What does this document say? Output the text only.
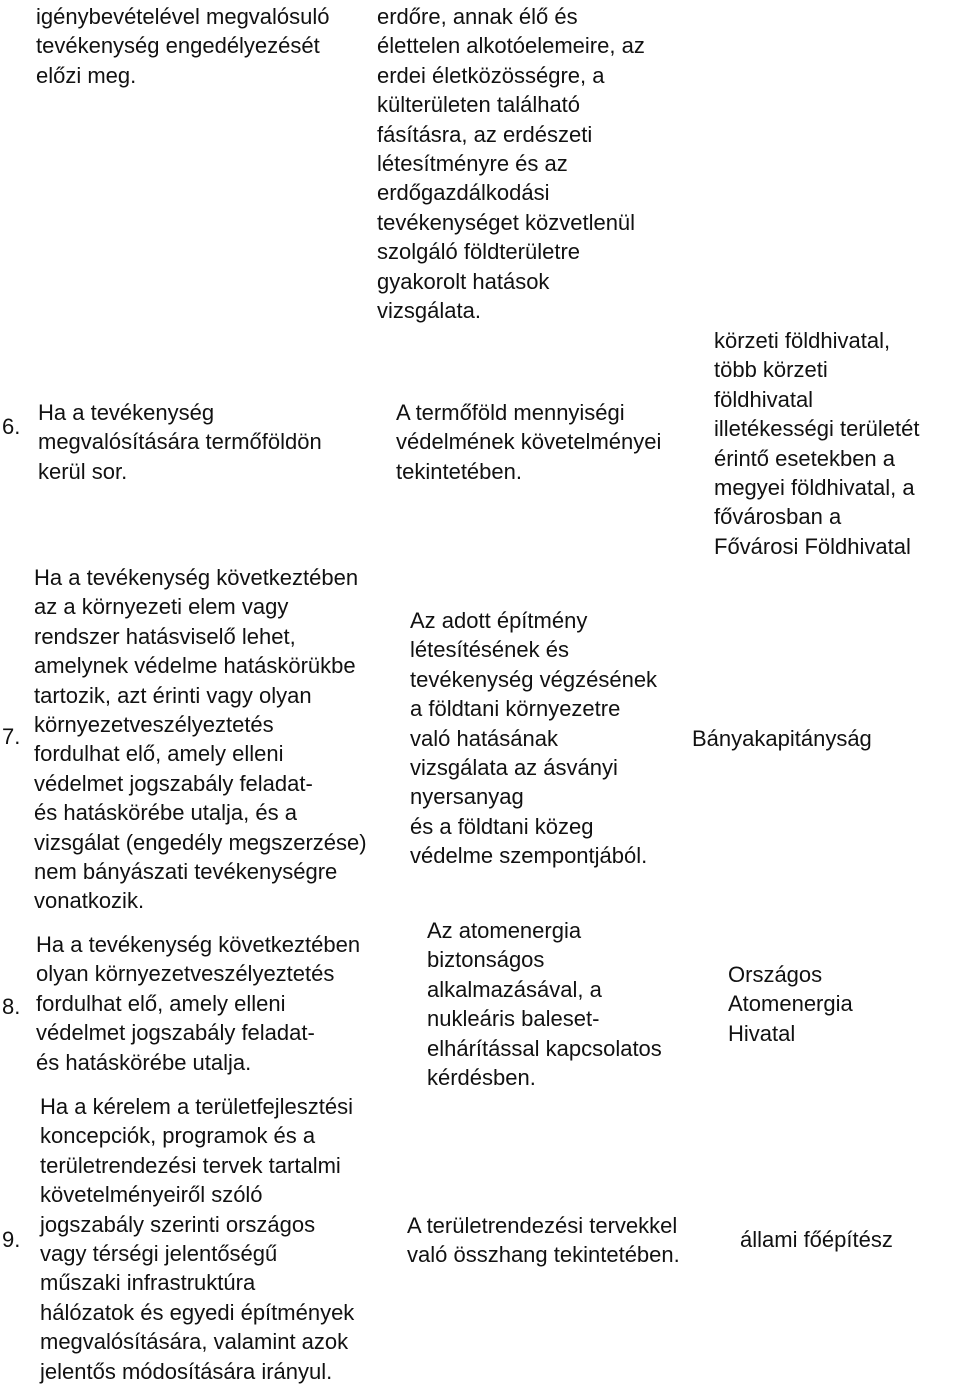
igénybevételével megvalósuló
tevékenység engedélyezését
előzi meg.
erdőre, annak élő és
élettelen alkotóelemeire, az
erdei életközösségre, a
külterületen található
fásításra, az erdészeti
létesítményre és az
erdőgazdálkodási
tevékenységet közvetlenül
szolgáló földterületre
gyakorolt hatások
vizsgálata.
6.
Ha a tevékenység
megvalósítására termőföldön
kerül sor.
A termőföld mennyiségi
védelmének követelményei
tekintetében.
körzeti földhivatal,
több körzeti
földhivatal
illetékességi területét
érintő esetekben a
megyei földhivatal, a
fővárosban a
Fővárosi Földhivatal
7.
Ha a tevékenység következtében
az a környezeti elem vagy
rendszer hatásviselő lehet,
amelynek védelme hatáskörükbe
tartozik, azt érinti vagy olyan
környezetveszélyeztetés
fordulhat elő, amely elleni
védelmet jogszabály feladat-
és hatáskörébe utalja, és a
vizsgálat (engedély megszerzése)
nem bányászati tevékenységre
vonatkozik.
Az adott építmény
létesítésének és
tevékenység végzésének
a földtani környezetre
való hatásának
vizsgálata az ásványi
nyersanyag
és a földtani közeg
védelme szempontjából.
Bányakapitányság
8.
Ha a tevékenység következtében
olyan környezetveszélyeztetés
fordulhat elő, amely elleni
védelmet jogszabály feladat-
és hatáskörébe utalja.
Az atomenergia
biztonságos
alkalmazásával, a
nukleáris baleset-
elhárítással kapcsolatos
kérdésben.
Országos
Atomenergia
Hivatal
9.
Ha a kérelem a területfejlesztési
koncepciók, programok és a
területrendezési tervek tartalmi
követelményeiről szóló
jogszabály szerinti országos
vagy térségi jelentőségű
műszaki infrastruktúra
hálózatok és egyedi építmények
megvalósítására, valamint azok
jelentős módosítására irányul.
A területrendezési tervekkel
való összhang tekintetében.
állami főépítész
